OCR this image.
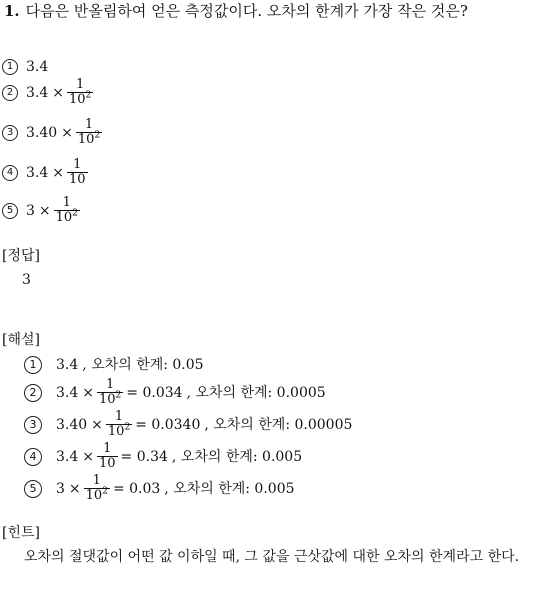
1. 다음은 반올림하여 얻은 측정값이다. 오차의 한계가 가장 작은 것은?
1 3.4
2 $3.4 \times \frac{1}{10^2}$
3 $3.40 \times \frac{1}{10^2}$
4 $3.4 \times \frac{1}{10}$
5 $3 \times \frac{1}{10^2}$
[정답]
3
[해설]
1	3.4 , 오차의 한계: 0.05
2	$3.4 \times \frac{1}{10^2} = 0.034$ , 오차의 한계: 0.0005
3	$3.40 \times \frac{1}{10^2} = 0.0340$ , 오차의 한계: 0.00005
4	$3.4 \times \frac{1}{10} = 0.34$ , 오차의 한계: 0.005
5	$3 \times \frac{1}{10^2} = 0.03$ , 오차의 한계: 0.005
[힌트]
오차의 절댓값이 어떤 값 이하일 때, 그 값을 근삿값에 대한 오차의 한계라고 한다.
